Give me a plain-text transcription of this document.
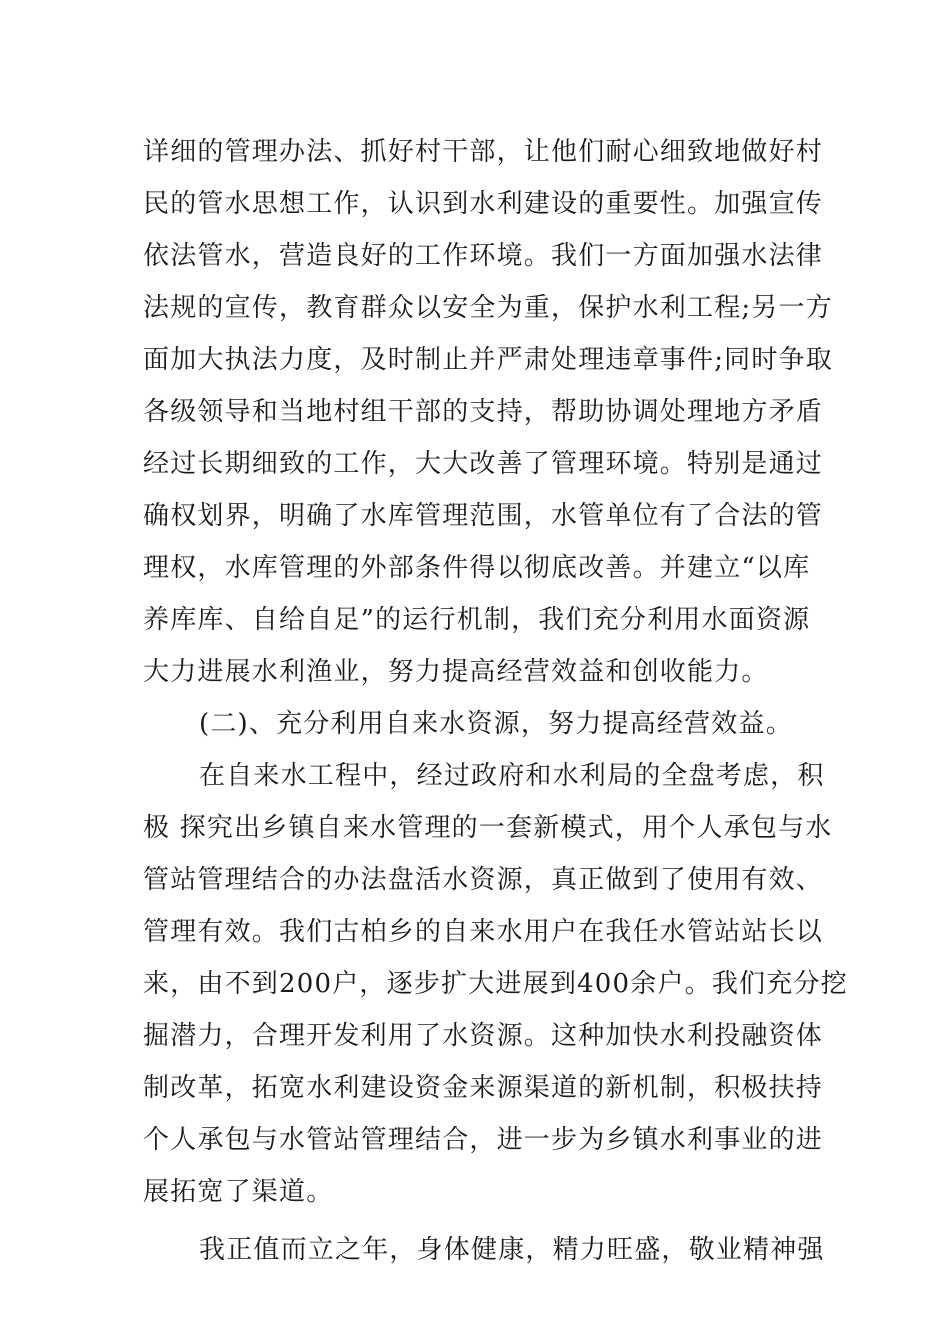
详细的管理办法、抓好村干部，让他们耐心细致地做好村
民的管水思想工作，认识到水利建设的重要性。加强宣传
依法管水，营造良好的工作环境。我们一方面加强水法律
法规的宣传，教育群众以安全为重，保护水利工程;另一方
面加大执法力度，及时制止并严肃处理违章事件;同时争取
各级领导和当地村组干部的支持，帮助协调处理地方矛盾
经过长期细致的工作，大大改善了管理环境。特别是通过
确权划界，明确了水库管理范围，水管单位有了合法的管
理权，水库管理的外部条件得以彻底改善。并建立“以库
养库库、自给自足”的运行机制，我们充分利用水面资源
大力进展水利渔业，努力提高经营效益和创收能力。
(二)、充分利用自来水资源，努力提高经营效益。
在自来水工程中，经过政府和水利局的全盘考虑，积
极 探究出乡镇自来水管理的一套新模式，用个人承包与水
管站管理结合的办法盘活水资源，真正做到了使用有效、
管理有效。我们古柏乡的自来水用户在我任水管站站长以
来，由不到200户，逐步扩大进展到400余户。我们充分挖
掘潜力，合理开发利用了水资源。这种加快水利投融资体
制改革，拓宽水利建设资金来源渠道的新机制，积极扶持
个人承包与水管站管理结合，进一步为乡镇水利事业的进
展拓宽了渠道。
我正值而立之年，身体健康，精力旺盛，敬业精神强
